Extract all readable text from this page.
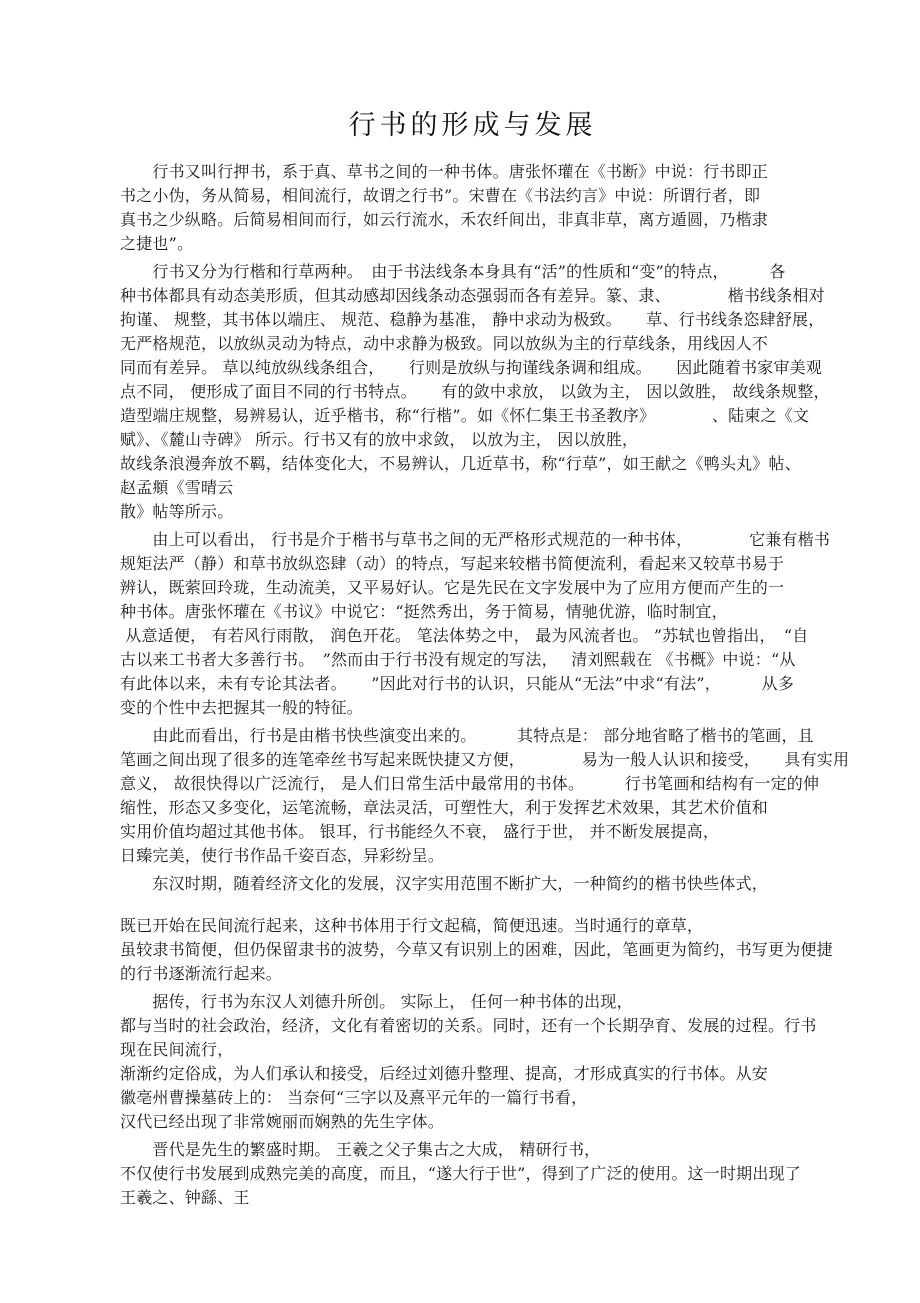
行书的形成与发展
　　行书又叫行押书，系于真、草书之间的一种书体。唐张怀瓘在《书断》中说：行书即正
书之小伪，务从简易，相间流行，故谓之行书”。宋曹在《书法约言》中说：所谓行者，即
真书之少纵略。后简易相间而行，如云行流水，禾农纤间出，非真非草，离方遁圆，乃楷隶
之捷也”。
　　行书又分为行楷和行草两种。　由于书法线条本身具有“活”的性质和“变”的特点，　　　各
种书体都具有动态美形质，但其动感却因线条动态强弱而各有差异。篆、隶、　　　　楷书线条相对
拘谨、 规整，其书体以端庄、 规范、稳静为基准， 静中求动为极致。　　草、行书线条恣肆舒展，
无严格规范，以放纵灵动为特点，动中求静为极致。同以放纵为主的行草线条，用线因人不
同而有差异。 草以纯放纵线条组合，　　行则是放纵与拘谨线条调和组成。　　因此随着书家审美观
点不同， 便形成了面目不同的行书特点。　　有的敛中求放， 以敛为主， 因以敛胜， 故线条规整，
造型端庄规整，易辨易认，近乎楷书，称“行楷”。如《怀仁集王书圣教序》　　　　、陆柬之《文
赋》、《麓山寺碑》 所示。行书又有的放中求敛， 以放为主， 因以放胜，
故线条浪漫奔放不羁，结体变化大，不易辨认，几近草书，称“行草”，如王献之《鸭头丸》帖、
赵孟頫《雪晴云
散》帖等所示。
　　由上可以看出， 行书是介于楷书与草书之间的无严格形式规范的一种书体，　　　　它兼有楷书
规矩法严（静）和草书放纵恣肆（动）的特点，写起来较楷书简便流利，看起来又较草书易于
辨认，既萦回玲珑，生动流美，又平易好认。它是先民在文字发展中为了应用方便而产生的一
种书体。唐张怀瓘在《书议》中说它：“挺然秀出，务于简易，情驰优游，临时制宜，
从意适便， 有若风行雨散， 润色开花。 笔法体势之中， 最为风流者也。 ”苏轼也曾指出，　“自
古以来工书者大多善行书。　”然而由于行书没有规定的写法，　 清刘熙载在 《书概》中说：“从
有此体以来，未有专论其法者。　　”因此对行书的认识，只能从“无法”中求“有法”，　　　从多
变的个性中去把握其一般的特征。
　　由此而看出，行书是由楷书快些演变出来的。　　　其特点是： 部分地省略了楷书的笔画，且
笔画之间出现了很多的连笔牵丝书写起来既快捷又方便，　　　　易为一般人认识和接受，　　具有实用
意义， 故很快得以广泛流行， 是人们日常生活中最常用的书体。　　　行书笔画和结构有一定的伸
缩性，形态又多变化，运笔流畅，章法灵活，可塑性大，利于发挥艺术效果，其艺术价值和
实用价值均超过其他书体。 银耳，行书能经久不衰， 盛行于世， 并不断发展提高，
日臻完美，使行书作品千姿百态，异彩纷呈。
　　东汉时期，随着经济文化的发展，汉字实用范围不断扩大，一种简约的楷书快些体式，
既已开始在民间流行起来，这种书体用于行文起稿，简便迅速。当时通行的章草，
虽较隶书简便，但仍保留隶书的波势，今草又有识别上的困难，因此，笔画更为简约，书写更为便捷
的行书逐渐流行起来。
　　据传，行书为东汉人刘德升所创。 实际上， 任何一种书体的出现，
都与当时的社会政治，经济，文化有着密切的关系。同时，还有一个长期孕育、发展的过程。行书
现在民间流行，
渐渐约定俗成，为人们承认和接受，后经过刘德升整理、提高，才形成真实的行书体。从安
徽亳州曹操墓砖上的： 当奈何“三字以及熹平元年的一篇行书看，
汉代已经出现了非常婉丽而娴熟的先生字体。
　　晋代是先生的繁盛时期。 王羲之父子集古之大成， 精研行书，
不仅使行书发展到成熟完美的高度，而且，“遂大行于世”，得到了广泛的使用。这一时期出现了
王羲之、钟繇、王
